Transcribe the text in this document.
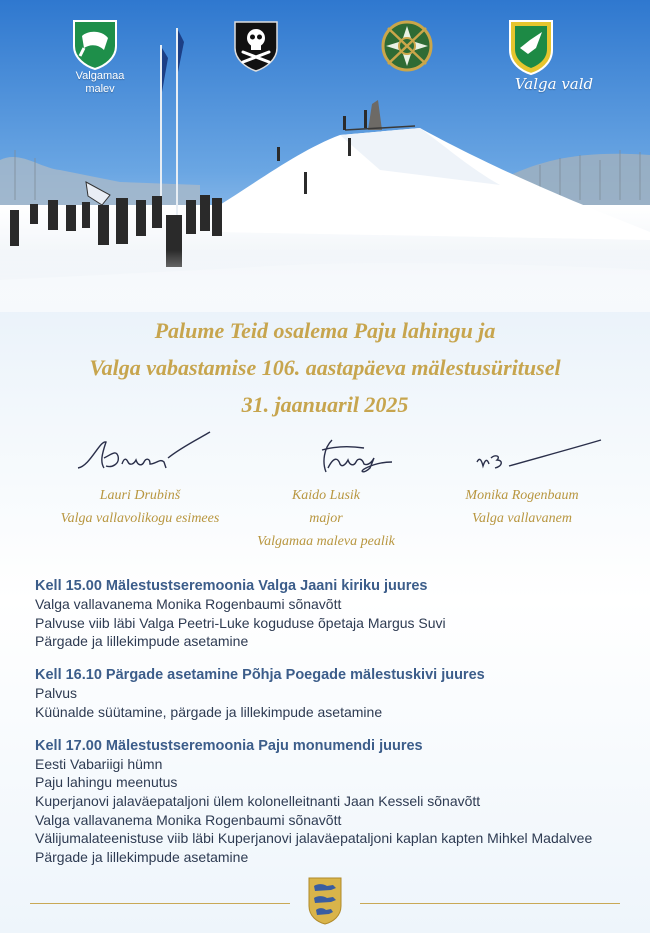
Valgamaa
malev	Valga vald
Palume Teid osalema Paju lahingu ja
Valga vabastamise 106. aastapäeva mälestusüritusel
31. jaanuaril 2025
Lauri Drubinš
Valga vallavolikogu esimees
Kaido Lusik
major
Valgamaa maleva pealik
Monika Rogenbaum
Valga vallavanem
Kell 15.00 Mälestustseremoonia Valga Jaani kiriku juures
Valga vallavanema Monika Rogenbaumi sõnavõtt
Palvuse viib läbi Valga Peetri-Luke koguduse õpetaja Margus Suvi
Pärgade ja lillekimpude asetamine
Kell 16.10 Pärgade asetamine Põhja Poegade mälestuskivi juures
Palvus
Küünalde süütamine, pärgade ja lillekimpude asetamine
Kell 17.00 Mälestustseremoonia Paju monumendi juures
Eesti Vabariigi hümn
Paju lahingu meenutus
Kuperjanovi jalaväepataljoni ülem kolonelleitnanti Jaan Kesseli sõnavõtt
Valga vallavanema Monika Rogenbaumi sõnavõtt
Välijumalateenistuse viib läbi Kuperjanovi jalaväepataljoni kaplan kapten Mihkel Madalvee
Pärgade ja lillekimpude asetamine
